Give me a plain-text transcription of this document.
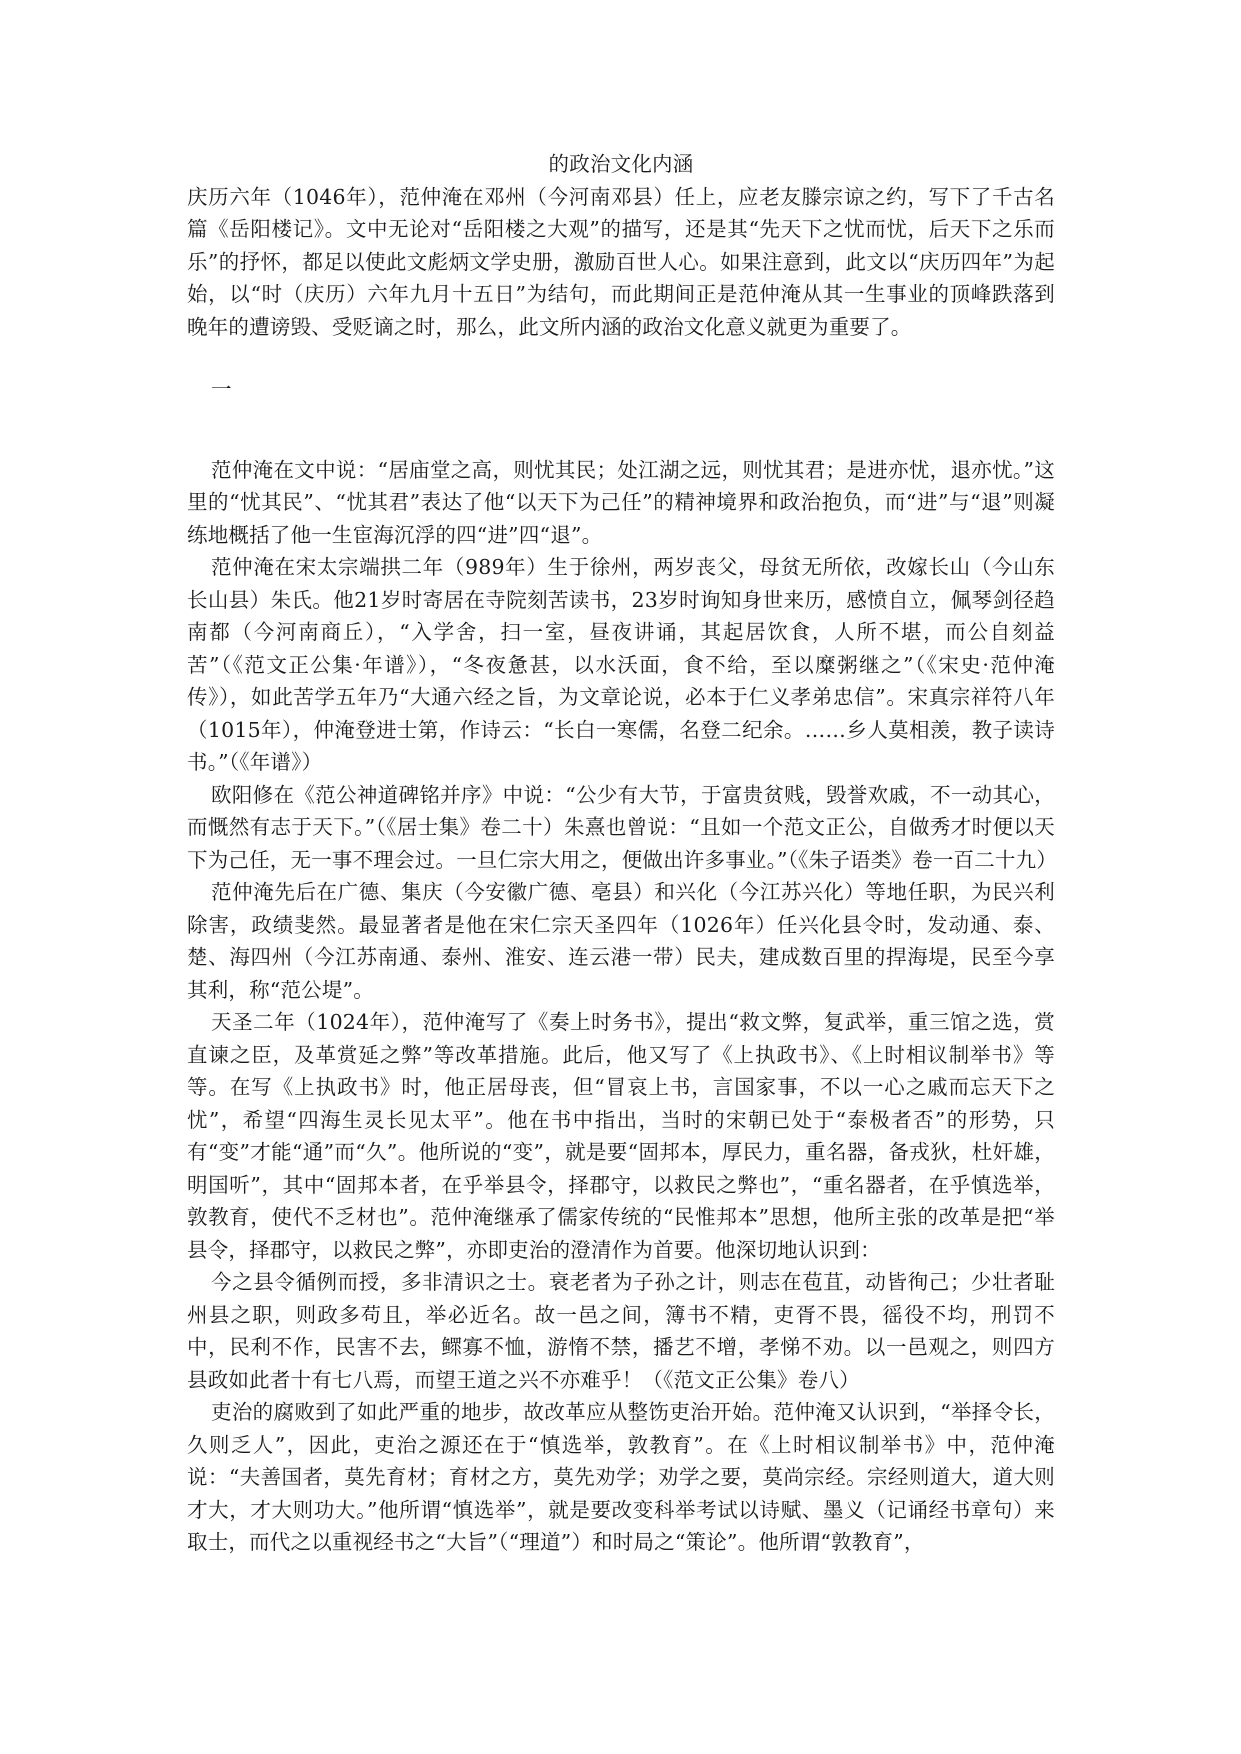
的政治文化内涵

庆历六年（1046年），范仲淹在邓州（今河南邓县）任上，应老友滕宗谅之约，写下了千古名篇《岳阳楼记》。文中无论对“岳阳楼之大观”的描写，还是其“先天下之忧而忧，后天下之乐而乐”的抒怀，都足以使此文彪炳文学史册，激励百世人心。如果注意到，此文以“庆历四年”为起始，以“时（庆历）六年九月十五日”为结句，而此期间正是范仲淹从其一生事业的顶峰跌落到晚年的遭谤毁、受贬谪之时，那么，此文所内涵的政治文化意义就更为重要了。

一

范仲淹在文中说：“居庙堂之高，则忧其民；处江湖之远，则忧其君；是进亦忧，退亦忧。”这里的“忧其民”、“忧其君”表达了他“以天下为己任”的精神境界和政治抱负，而“进”与“退”则凝练地概括了他一生宦海沉浮的四“进”四“退”。

范仲淹在宋太宗端拱二年（989年）生于徐州，两岁丧父，母贫无所依，改嫁长山（今山东长山县）朱氏。他21岁时寄居在寺院刻苦读书，23岁时询知身世来历，感愤自立，佩琴剑径趋南都（今河南商丘），“入学舍，扫一室，昼夜讲诵，其起居饮食，人所不堪，而公自刻益苦”（《范文正公集·年谱》），“冬夜惫甚，以水沃面，食不给，至以糜粥继之”（《宋史·范仲淹传》），如此苦学五年乃“大通六经之旨，为文章论说，必本于仁义孝弟忠信”。宋真宗祥符八年（1015年），仲淹登进士第，作诗云：“长白一寒儒，名登二纪余。……乡人莫相羡，教子读诗书。”（《年谱》）

欧阳修在《范公神道碑铭并序》中说：“公少有大节，于富贵贫贱，毁誉欢戚，不一动其心，而慨然有志于天下。”（《居士集》卷二十）朱熹也曾说：“且如一个范文正公，自做秀才时便以天下为己任，无一事不理会过。一旦仁宗大用之，便做出许多事业。”（《朱子语类》卷一百二十九）

范仲淹先后在广德、集庆（今安徽广德、亳县）和兴化（今江苏兴化）等地任职，为民兴利除害，政绩斐然。最显著者是他在宋仁宗天圣四年（1026年）任兴化县令时，发动通、泰、楚、海四州（今江苏南通、泰州、淮安、连云港一带）民夫，建成数百里的捍海堤，民至今享其利，称“范公堤”。

天圣二年（1024年），范仲淹写了《奏上时务书》，提出“救文弊，复武举，重三馆之选，赏直谏之臣，及革赏延之弊”等改革措施。此后，他又写了《上执政书》、《上时相议制举书》等等。在写《上执政书》时，他正居母丧，但“冒哀上书，言国家事，不以一心之戚而忘天下之忧”，希望“四海生灵长见太平”。他在书中指出，当时的宋朝已处于“泰极者否”的形势，只有“变”才能“通”而“久”。他所说的“变”，就是要“固邦本，厚民力，重名器，备戎狄，杜奸雄，明国听”，其中“固邦本者，在乎举县令，择郡守，以救民之弊也”，“重名器者，在乎慎选举，敦教育，使代不乏材也”。范仲淹继承了儒家传统的“民惟邦本”思想，他所主张的改革是把“举县令，择郡守，以救民之弊”，亦即吏治的澄清作为首要。他深切地认识到：

今之县令循例而授，多非清识之士。衰老者为子孙之计，则志在苞苴，动皆徇己；少壮者耻州县之职，则政多苟且，举必近名。故一邑之间，簿书不精，吏胥不畏，徭役不均，刑罚不中，民利不作，民害不去，鳏寡不恤，游惰不禁，播艺不增，孝悌不劝。以一邑观之，则四方县政如此者十有七八焉，而望王道之兴不亦难乎！（《范文正公集》卷八）

吏治的腐败到了如此严重的地步，故改革应从整饬吏治开始。范仲淹又认识到，“举择令长，久则乏人”，因此，吏治之源还在于“慎选举，敦教育”。在《上时相议制举书》中，范仲淹说：“夫善国者，莫先育材；育材之方，莫先劝学；劝学之要，莫尚宗经。宗经则道大，道大则才大，才大则功大。”他所谓“慎选举”，就是要改变科举考试以诗赋、墨义（记诵经书章句）来取士，而代之以重视经书之“大旨”（“理道”）和时局之“策论”。他所谓“敦教育”，
